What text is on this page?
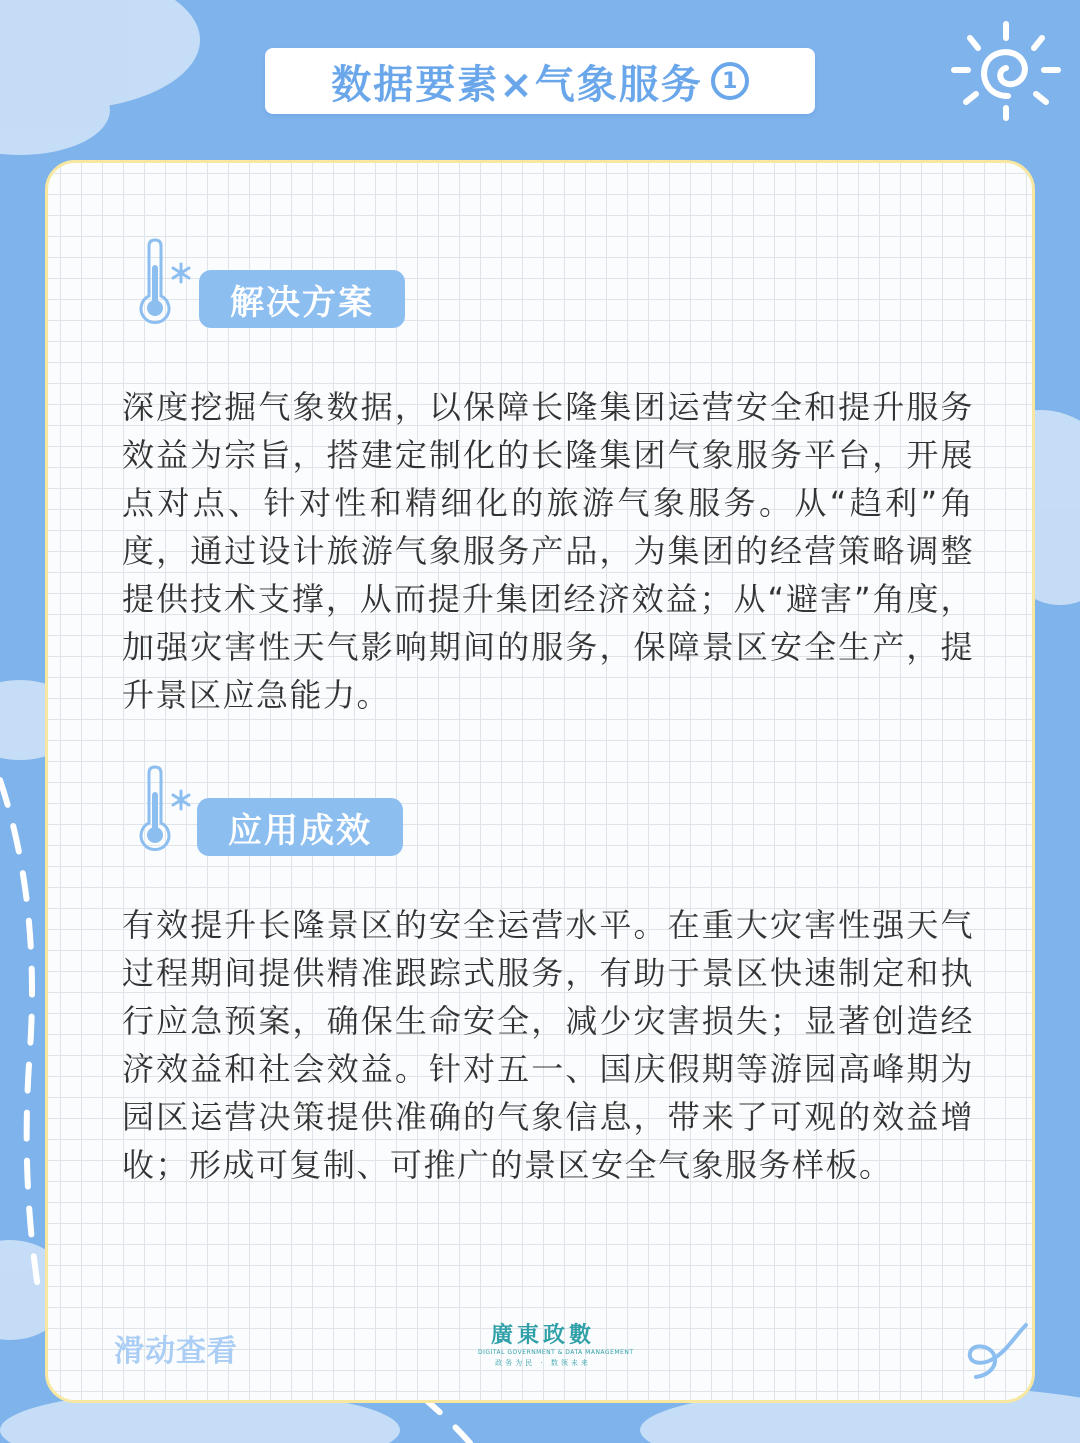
数据要素×气象服务 1
解决方案

深度挖掘气象数据，以保障长隆集团运营安全和提升服务效益为宗旨，搭建定制化的长隆集团气象服务平台，开展点对点、针对性和精细化的旅游气象服务。从“趋利”角度，通过设计旅游气象服务产品，为集团的经营策略调整提供技术支撑，从而提升集团经济效益；从“避害”角度，加强灾害性天气影响期间的服务，保障景区安全生产，提升景区应急能力。

应用成效

有效提升长隆景区的安全运营水平。在重大灾害性强天气过程期间提供精准跟踪式服务，有助于景区快速制定和执行应急预案，确保生命安全，减少灾害损失；显著创造经济效益和社会效益。针对五一、国庆假期等游园高峰期为园区运营决策提供准确的气象信息，带来了可观的效益增收；形成可复制、可推广的景区安全气象服务样板。

滑动查看	廣東政數
DIGITAL GOVERNMENT & DATA MANAGEMENT
政务为民 · 数领未来
